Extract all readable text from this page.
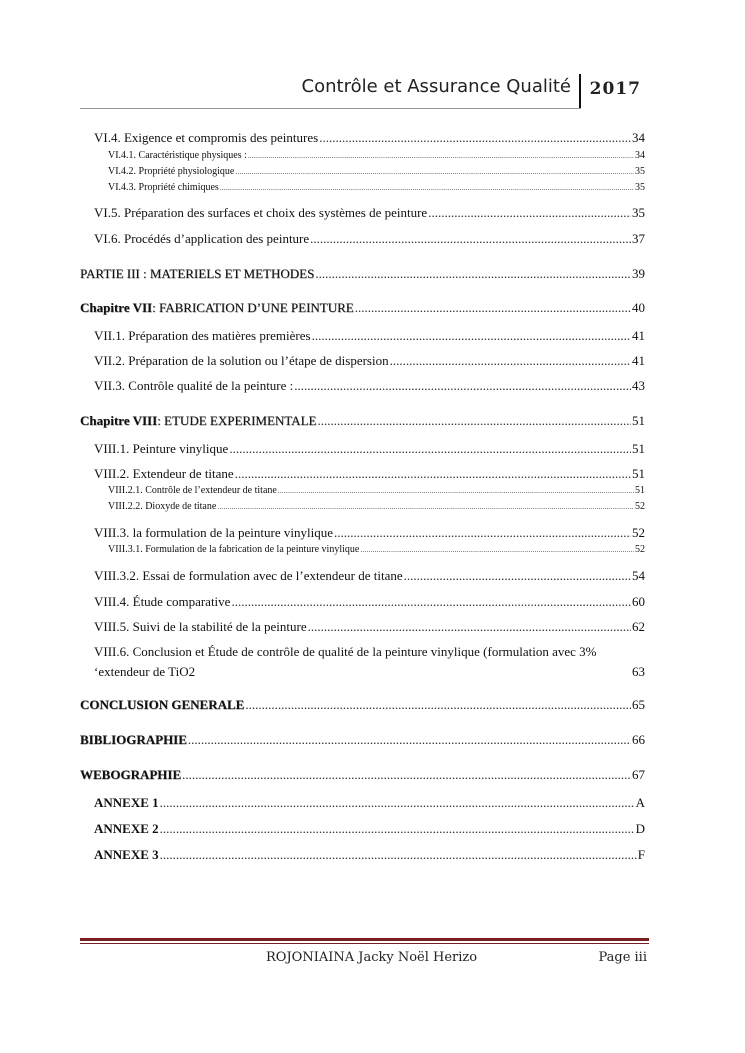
Contrôle et Assurance Qualité 2017
VI.4. Exigence et compromis des peintures .....	34
VI.4.1. Caractéristique physiques : .....	34
VI.4.2. Propriété physiologique .....	35
VI.4.3. Propriété chimiques .....	35
VI.5. Préparation des surfaces et choix des systèmes de peinture .....	35
VI.6. Procédés d’application des peinture .....	37
PARTIE III : MATERIELS ET METHODES .....	39
Chapitre VII : FABRICATION D’UNE PEINTURE .....	40
VII.1. Préparation des matières premières .....	41
VII.2. Préparation de la solution ou l’étape de dispersion .....	41
VII.3. Contrôle qualité de la peinture : .....	43
Chapitre VIII : ETUDE EXPERIMENTALE .....	51
VIII.1. Peinture vinylique .....	51
VIII.2. Extendeur de titane .....	51
VIII.2.1. Contrôle de l’extendeur de titane .....	51
VIII.2.2. Dioxyde de titane .....	52
VIII.3. la formulation de la peinture vinylique .....	52
VIII.3.1. Formulation de la fabrication de la peinture vinylique .....	52
VIII.3.2. Essai de formulation avec de l’extendeur de titane .....	54
VIII.4. Étude comparative .....	60
VIII.5. Suivi de la stabilité de la peinture .....	62
VIII.6. Conclusion et Étude de contrôle de qualité de la peinture vinylique (formulation avec 3%
‘extendeur de TiO2	63
CONCLUSION GENERALE .....	65
BIBLIOGRAPHIE .....	66
WEBOGRAPHIE .....	67
ANNEXE 1 .....	A
ANNEXE 2 .....	D
ANNEXE 3 .....	F
ROJONIAINA Jacky Noël Herizo	Page iii
